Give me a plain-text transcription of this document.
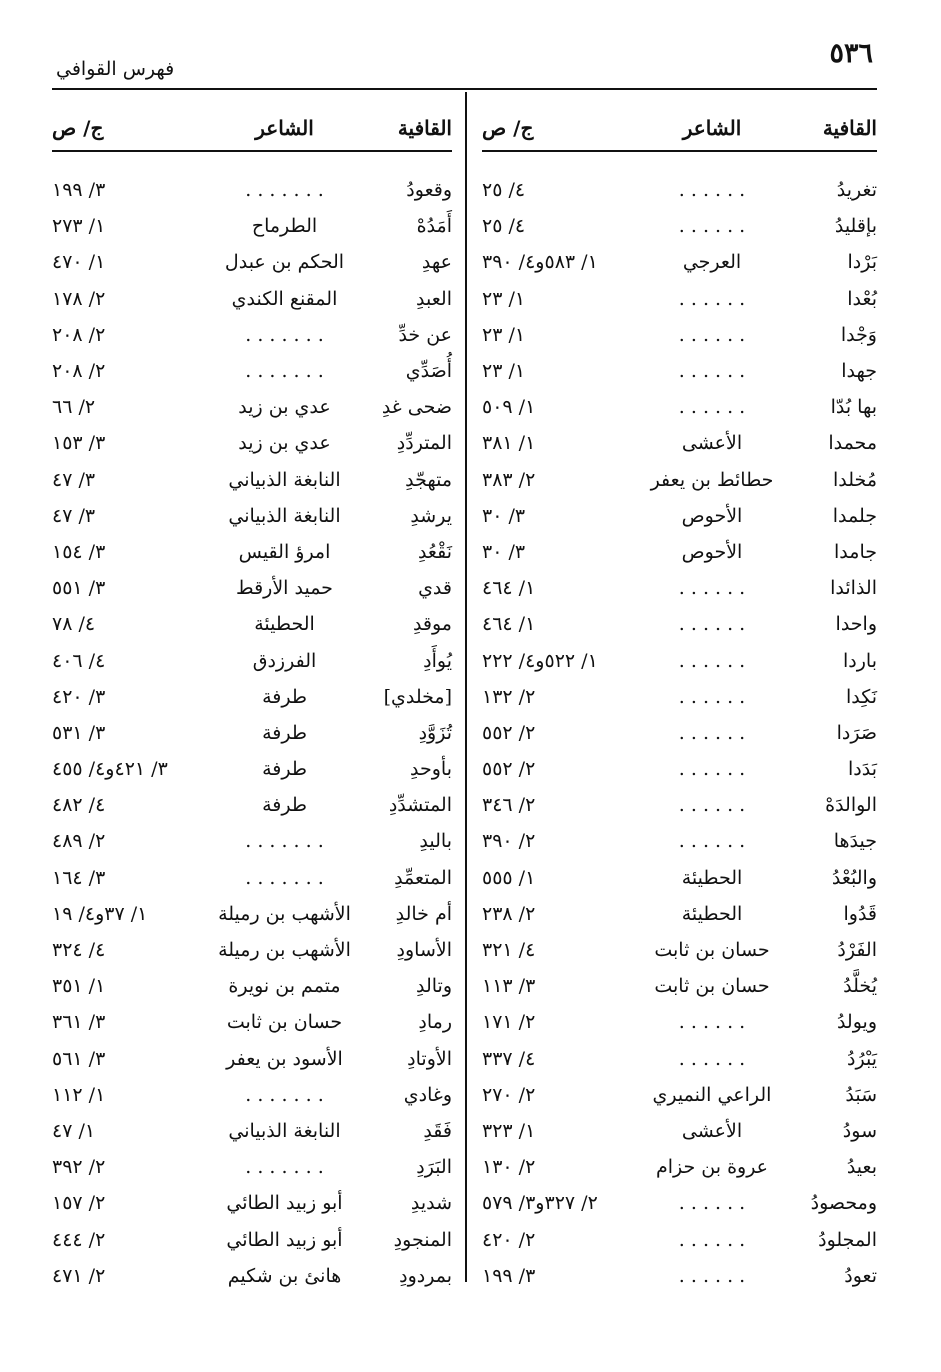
٥٣٦
فهرس القوافي
القافية
الشاعر
ج/ ص
تغريدُ
. . . . . .
٤/ ٢٥
بإقليدُ
. . . . . .
٤/ ٢٥
بَرْدا
العرجي
١/ ٥٨٣و٤/ ٣٩٠
بُعْدا
. . . . . .
١/ ٢٣
وَجْدا
. . . . . .
١/ ٢٣
جهدا
. . . . . .
١/ ٢٣
بها بُدّا
. . . . . .
١/ ٥٠٩
محمدا
الأعشى
١/ ٣٨١
مُخلدا
حطائط بن يعفر
٢/ ٣٨٣
جلمدا
الأحوص
٣/ ٣٠
جامدا
الأحوص
٣/ ٣٠
الذائدا
. . . . . .
١/ ٤٦٤
واحدا
. . . . . .
١/ ٤٦٤
باردا
. . . . . .
١/ ٥٢٢و٤/ ٢٢٢
نَكِدا
. . . . . .
٢/ ١٣٢
صَرَدا
. . . . . .
٢/ ٥٥٢
بَدَدا
. . . . . .
٢/ ٥٥٢
الوالدَهْ
. . . . . .
٢/ ٣٤٦
جيدَها
. . . . . .
٢/ ٣٩٠
والبُعْدُ
الحطيئة
١/ ٥٥٥
قَدُوا
الحطيئة
٢/ ٢٣٨
الفَرْدُ
حسان بن ثابت
٤/ ٣٢١
يُخلَّدُ
حسان بن ثابت
٣/ ١١٣
ويولدُ
. . . . . .
٢/ ١٧١
يَبْرُدُ
. . . . . .
٤/ ٣٣٧
سَبَدُ
الراعي النميري
٢/ ٢٧٠
سودُ
الأعشى
١/ ٣٢٣
بعيدُ
عروة بن حزام
٢/ ١٣٠
ومحصودُ
. . . . . .
٢/ ٣٢٧و٣/ ٥٧٩
المجلودُ
. . . . . .
٢/ ٤٢٠
تعودُ
. . . . . .
٣/ ١٩٩
القافية
الشاعر
ج/ ص
وقعودُ
. . . . . . .
٣/ ١٩٩
أَمَدُهْ
الطرماح
١/ ٢٧٣
عهدِ
الحكم بن عبدل
١/ ٤٧٠
العبدِ
المقنع الكندي
٢/ ١٧٨
عن خدِّ
. . . . . . .
٢/ ٢٠٨
أُصَدِّي
. . . . . . .
٢/ ٢٠٨
ضحى غدِ
عدي بن زيد
٢/ ٦٦
المتردِّدِ
عدي بن زيد
٣/ ١٥٣
متهجّدِ
النابغة الذبياني
٣/ ٤٧
يرشدِ
النابغة الذبياني
٣/ ٤٧
نَقْعُدِ
امرؤ القيس
٣/ ١٥٤
قدي
حميد الأرقط
٣/ ٥٥١
موقدِ
الحطيئة
٤/ ٧٨
يُوأَدِ
الفرزدق
٤/ ٤٠٦
[مخلدي]
طرفة
٣/ ٤٢٠
تُزَوَّدِ
طرفة
٣/ ٥٣١
بأوحدِ
طرفة
٣/ ٤٢١و٤/ ٤٥٥
المتشدِّدِ
طرفة
٤/ ٤٨٢
باليدِ
. . . . . . .
٢/ ٤٨٩
المتعمِّدِ
. . . . . . .
٣/ ١٦٤
أم خالدِ
الأشهب بن رميلة
١/ ٣٧و٤/ ١٩
الأساودِ
الأشهب بن رميلة
٤/ ٣٢٤
وتالدِ
متمم بن نويرة
١/ ٣٥١
رمادِ
حسان بن ثابت
٣/ ٣٦١
الأوتادِ
الأسود بن يعفر
٣/ ٥٦١
وغادي
. . . . . . .
١/ ١١٢
فَقَدِ
النابغة الذبياني
١/ ٤٧
البَرَدِ
. . . . . . .
٢/ ٣٩٢
شديدِ
أبو زبيد الطائي
٢/ ١٥٧
المنجودِ
أبو زبيد الطائي
٢/ ٤٤٤
بمردودِ
هانئ بن شكيم
٢/ ٤٧١
